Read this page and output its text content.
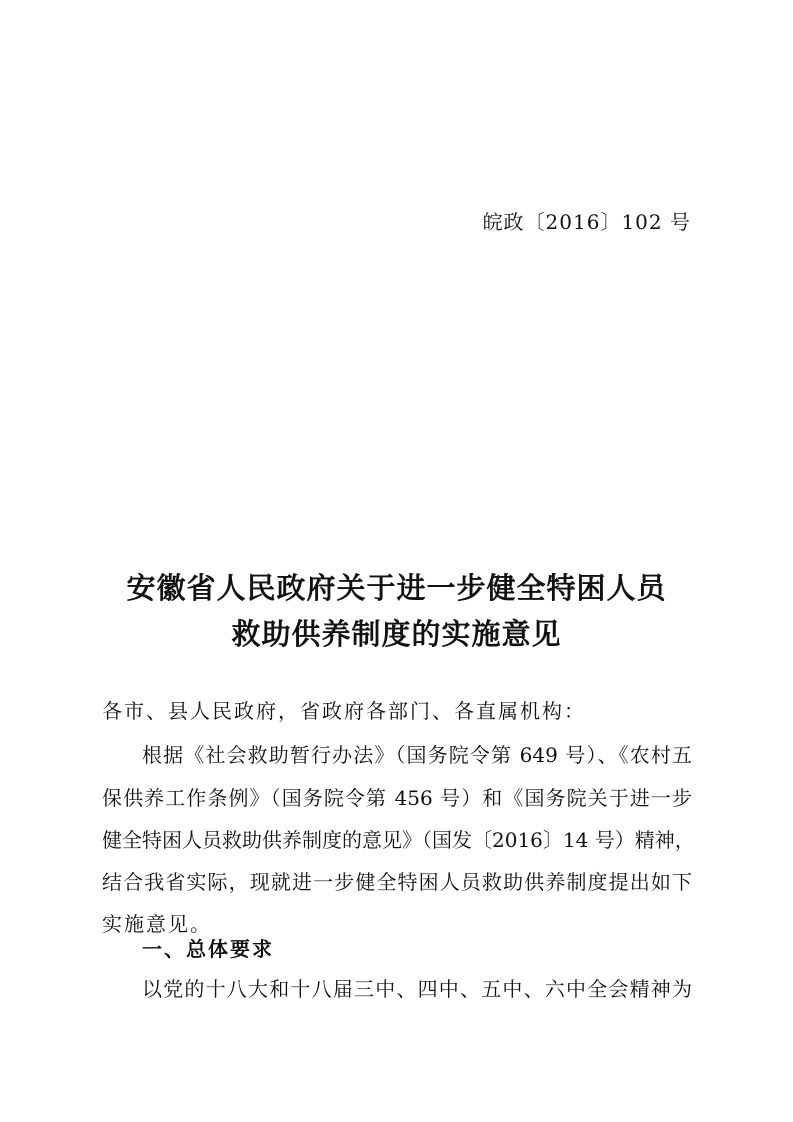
皖政〔2016〕102 号
安徽省人民政府关于进一步健全特困人员
救助供养制度的实施意见
各市、县人民政府，省政府各部门、各直属机构：
根据《社会救助暂行办法》（国务院令第 649 号）、《农村五
保供养工作条例》（国务院令第 456 号）和《国务院关于进一步
健全特困人员救助供养制度的意见》（国发〔2016〕14 号）精神，
结合我省实际，现就进一步健全特困人员救助供养制度提出如下
实施意见。
一、总体要求
以党的十八大和十八届三中、四中、五中、六中全会精神为
